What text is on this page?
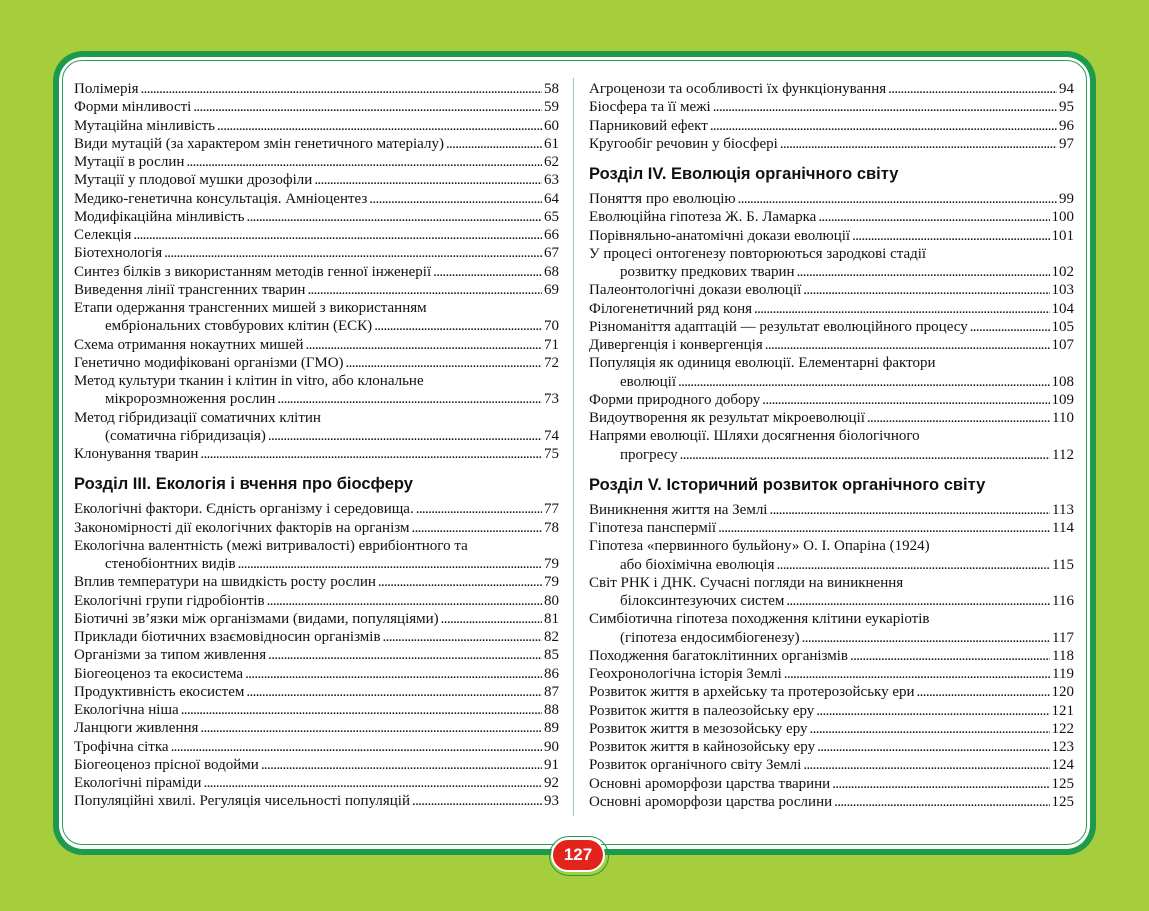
Полімерія . . .	58
Форми мінливості . . .	59
Мутаційна мінливість . . .	60
Види мутацій (за характером змін генетичного матеріалу) . . .	61
Мутації в рослин . . .	62
Мутації у плодової мушки дрозофіли . . .	63
Медико-генетична консультація. Амніоцентез . . .	64
Модифікаційна мінливість . . .	65
Селекція . . .	66
Біотехнологія . . .	67
Синтез білків з використанням методів генної інженерії . . .	68
Виведення лінії трансгенних тварин . . .	69
Етапи одержання трансгенних мишей з використанням
ембріональних стовбурових клітин (ЕСК) . . .	70
Схема отримання нокаутних мишей . . .	71
Генетично модифіковані організми (ГМО) . . .	72
Метод культури тканин і клітин in vitro, або клональне
мікророзмноження рослин . . .	73
Метод гібридизації соматичних клітин
(соматична гібридизація) . . .	74
Клонування тварин . . .	75
Розділ ІІІ. Екологія і вчення про біосферу
Екологічні фактори. Єдність організму і середовища. . . .	77
Закономірності дії екологічних факторів на організм . . .	78
Екологічна валентність (межі витривалості) еврибіонтного та
стенобіонтних видів . . .	79
Вплив температури на швидкість росту рослин . . .	79
Екологічні групи гідробіонтів . . .	80
Біотичні зв’язки між організмами (видами, популяціями) . . .	81
Приклади біотичних взаємовідносин організмів . . .	82
Організми за типом живлення . . .	85
Біогеоценоз та екосистема . . .	86
Продуктивність екосистем . . .	87
Екологічна ніша . . .	88
Ланцюги живлення . . .	89
Трофічна сітка . . .	90
Біогеоценоз прісної водойми . . .	91
Екологічні піраміди . . .	92
Популяційні хвилі. Регуляція чисельності популяцій . . .	93
Агроценози та особливості їх функціонування . . .	94
Біосфера та її межі . . .	95
Парниковий ефект . . .	96
Кругообіг речовин у біосфері . . .	97
Розділ ІV. Еволюція органічного світу
Поняття про еволюцію . . .	99
Еволюційна гіпотеза Ж. Б. Ламарка . . .	100
Порівняльно-анатомічні докази еволюції . . .	101
У процесі онтогенезу повторюються зародкові стадії
розвитку предкових тварин . . .	102
Палеонтологічні докази еволюції . . .	103
Філогенетичний ряд коня . . .	104
Різноманіття адаптацій — результат еволюційного процесу . . .	105
Дивергенція і конвергенція . . .	107
Популяція як одиниця еволюції. Елементарні фактори
еволюції . . .	108
Форми природного добору . . .	109
Видоутворення як результат мікроеволюції . . .	110
Напрями еволюції. Шляхи досягнення біологічного
прогресу . . .	112
Розділ V. Історичний розвиток органічного світу
Виникнення життя на Землі . . .	113
Гіпотеза панспермії . . .	114
Гіпотеза «первинного бульйону» О. І. Опаріна (1924)
або біохімічна еволюція . . .	115
Світ РНК і ДНК. Сучасні погляди на виникнення
білоксинтезуючих систем . . .	116
Симбіотична гіпотеза походження клітини еукаріотів
(гіпотеза ендосимбіогенезу) . . .	117
Походження багатоклітинних організмів . . .	118
Геохронологічна історія Землі . . .	119
Розвиток життя в архейську та протерозойську ери . . .	120
Розвиток життя в палеозойську еру . . .	121
Розвиток життя в мезозойську еру . . .	122
Розвиток життя в кайнозойську еру . . .	123
Розвиток органічного світу Землі . . .	124
Основні ароморфози царства тварини . . .	125
Основні ароморфози царства рослини . . .	125
127
